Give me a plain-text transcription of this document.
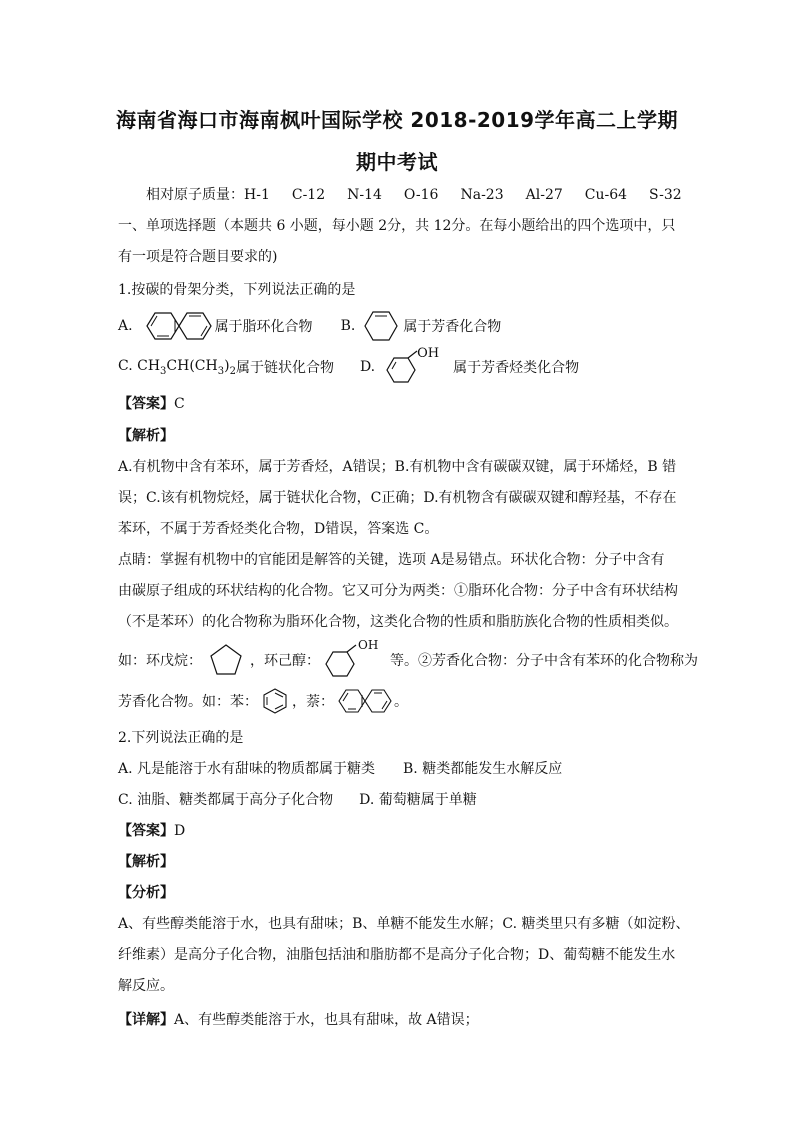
海南省海口市海南枫叶国际学校 2018-2019学年高二上学期
期中考试
相对原子质量：H-1 C-12 N-14 O-16 Na-23 Al-27 Cu-64 S-32
一、单项选择题（本题共 6 小题，每小题 2分，共 12分。在每小题给出的四个选项中，只
有一项是符合题目要求的)
1.按碳的骨架分类，下列说法正确的是
A.	属于脂环化合物 B.	属于芳香化合物
C. $CH_3CH(CH_3)_2$ 属于链状化合物 D.
OH
属于芳香烃类化合物
【答案】C
【解析】
A.有机物中含有苯环，属于芳香烃，A错误；B.有机物中含有碳碳双键，属于环烯烃，B 错
误；C.该有机物烷烃，属于链状化合物，C正确；D.有机物含有碳碳双键和醇羟基，不存在
苯环，不属于芳香烃类化合物，D错误，答案选 C。
点睛：掌握有机物中的官能团是解答的关键，选项 A是易错点。环状化合物：分子中含有
由碳原子组成的环状结构的化合物。它又可分为两类：①脂环化合物：分子中含有环状结构
（不是苯环）的化合物称为脂环化合物，这类化合物的性质和脂肪族化合物的性质相类似。
如：环戊烷：	，环己醇：
OH
等。②芳香化合物：分子中含有苯环的化合物称为
芳香化合物。如：苯： ，萘：	。
2.下列说法正确的是
A. 凡是能溶于水有甜味的物质都属于糖类 B. 糖类都能发生水解反应
C. 油脂、糖类都属于高分子化合物 D. 葡萄糖属于单糖
【答案】D
【解析】
【分析】
A、有些醇类能溶于水，也具有甜味；B、单糖不能发生水解；C. 糖类里只有多糖（如淀粉、
纤维素）是高分子化合物，油脂包括油和脂肪都不是高分子化合物；D、葡萄糖不能发生水
解反应。
【详解】A、有些醇类能溶于水，也具有甜味，故 A错误；
